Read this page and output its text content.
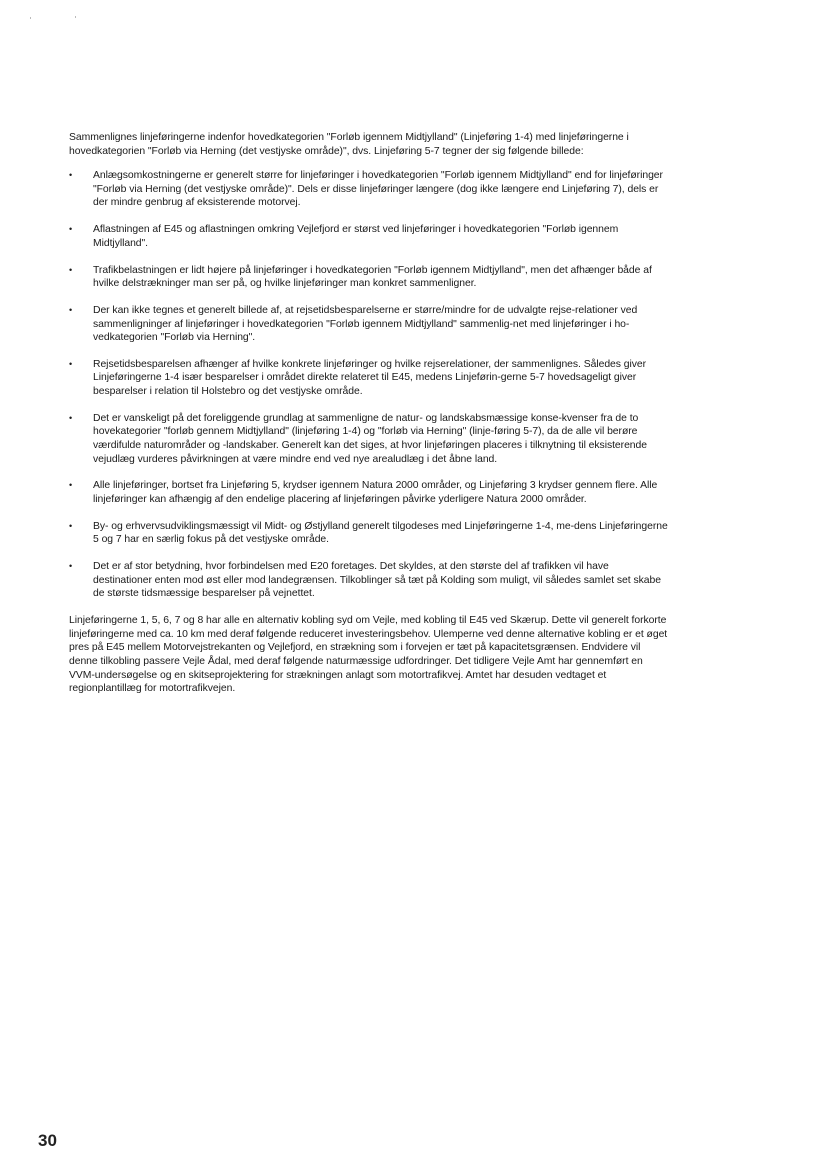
Sammenlignes linjeføringerne indenfor hovedkategorien "Forløb igennem Midtjylland" (Linjeføring 1-4) med linjeføringerne i hovedkategorien "Forløb via Herning (det vestjyske område)", dvs. Linjeføring 5-7 tegner der sig følgende billede:

•	Anlægsomkostningerne er generelt større for linjeføringer i hovedkategorien "Forløb igennem Midtjylland" end for linjeføringer "Forløb via Herning (det vestjyske område)". Dels er disse linjeføringer længere (dog ikke længere end Linjeføring 7), dels er der mindre genbrug af eksisterende motorvej.
•	Aflastningen af E45 og aflastningen omkring Vejlefjord er størst ved linjeføringer i hovedkategorien "Forløb igennem Midtjylland".
•	Trafikbelastningen er lidt højere på linjeføringer i hovedkategorien "Forløb igennem Midtjylland", men det afhænger både af hvilke delstrækninger man ser på, og hvilke linjeføringer man konkret sammenligner.
•	Der kan ikke tegnes et generelt billede af, at rejsetidsbesparelserne er større/mindre for de udvalgte rejse-relationer ved sammenligninger af linjeføringer i hovedkategorien "Forløb igennem Midtjylland" sammenlig-net med linjeføringer i ho-vedkategorien "Forløb via Herning".
•	Rejsetidsbesparelsen afhænger af hvilke konkrete linjeføringer og hvilke rejserelationer, der sammenlignes. Således giver Linjeføringerne 1-4 især besparelser i området direkte relateret til E45, medens Linjeførin-gerne 5-7 hovedsageligt giver besparelser i relation til Holstebro og det vestjyske område.
•	Det er vanskeligt på det foreliggende grundlag at sammenligne de natur- og landskabsmæssige konse-kvenser fra de to hovekategorier "forløb gennem Midtjylland" (linjeføring 1-4) og "forløb via Herning" (linje-føring 5-7), da de alle vil berøre værdifulde naturområder og -landskaber. Generelt kan det siges, at hvor linjeføringen placeres i tilknytning til eksisterende vejudlæg vurderes påvirkningen at være mindre end ved nye arealudlæg i det åbne land.
•	Alle linjeføringer, bortset fra Linjeføring 5, krydser igennem Natura 2000 områder, og Linjeføring 3 krydser gennem flere. Alle linjeføringer kan afhængig af den endelige placering af linjeføringen påvirke yderligere Natura 2000 områder.
•	By- og erhvervsudviklingsmæssigt vil Midt- og Østjylland generelt tilgodeses med Linjeføringerne 1-4, me-dens Linjeføringerne 5 og 7 har en særlig fokus på det vestjyske område.
•	Det er af stor betydning, hvor forbindelsen med E20 foretages. Det skyldes, at den største del af trafikken vil have destinationer enten mod øst eller mod landegrænsen. Tilkoblinger så tæt på Kolding som muligt, vil således samlet set skabe de største tidsmæssige besparelser på vejnettet.

Linjeføringerne 1, 5, 6, 7 og 8 har alle en alternativ kobling syd om Vejle, med kobling til E45 ved Skærup. Dette vil generelt forkorte linjeføringerne med ca. 10 km med deraf følgende reduceret investeringsbehov. Ulemperne ved denne alternative kobling er et øget pres på E45 mellem Motorvejstrekanten og Vejlefjord, en strækning som i forvejen er tæt på kapacitetsgrænsen. Endvidere vil denne tilkobling passere Vejle Ådal, med deraf følgende naturmæssige udfordringer. Det tidligere Vejle Amt har gennemført en VVM-undersøgelse og en skitseprojektering for strækningen anlagt som motortrafikvej. Amtet har desuden vedtaget et regionplantillæg for motortrafikvejen.

30
